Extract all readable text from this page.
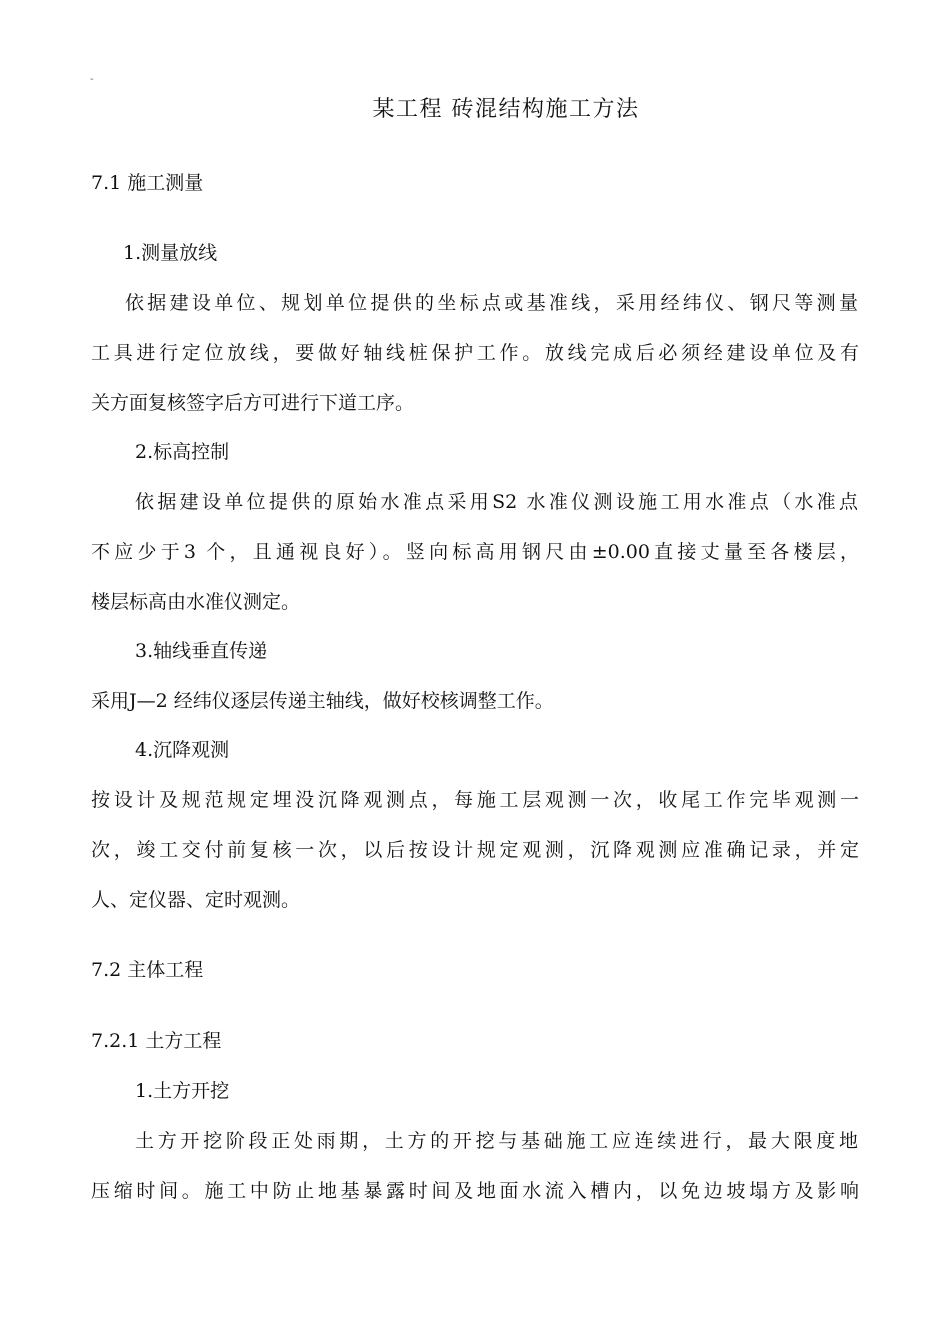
-
某工程 砖混结构施工方法
7.1 施工测量
1.测量放线
依据建设单位、规划单位提供的坐标点或基准线，采用经纬仪、钢尺等测量
工具进行定位放线，要做好轴线桩保护工作。放线完成后必须经建设单位及有
关方面复核签字后方可进行下道工序。
2.标高控制
依据建设单位提供的原始水准点采用S2 水准仪测设施工用水准点（水准点
不应少于3 个，且通视良好）。竖向标高用钢尺由±0.00直接丈量至各楼层，
楼层标高由水准仪测定。
3.轴线垂直传递
采用J—2 经纬仪逐层传递主轴线，做好校核调整工作。
4.沉降观测
按设计及规范规定埋没沉降观测点，每施工层观测一次，收尾工作完毕观测一
次，竣工交付前复核一次，以后按设计规定观测，沉降观测应准确记录，并定
人、定仪器、定时观测。
7.2 主体工程
7.2.1 土方工程
1.土方开挖
土方开挖阶段正处雨期，土方的开挖与基础施工应连续进行，最大限度地
压缩时间。施工中防止地基暴露时间及地面水流入槽内，以免边坡塌方及影响
